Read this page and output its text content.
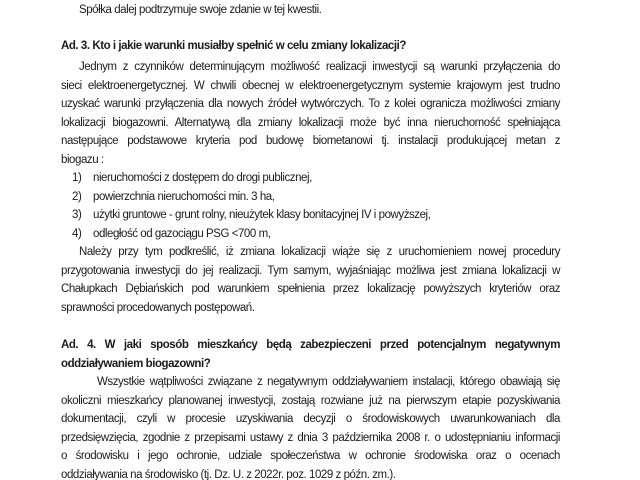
Spółka dalej podtrzymuje swoje zdanie w tej kwestii.
Ad. 3. Kto i jakie warunki musiałby spełnić w celu zmiany lokalizacji?
Jednym z czynników determinującym możliwość realizacji inwestycji są warunki przyłączenia do
sieci elektroenergetycznej. W chwili obecnej w elektroenergetycznym systemie krajowym jest trudno
uzyskać warunki przyłączenia dla nowych źródeł wytwórczych. To z kolei ogranicza możliwości zmiany
lokalizacji biogazowni. Alternatywą dla zmiany lokalizacji może być inna nieruchomość spełniająca
następujące podstawowe kryteria pod budowę biometanowi tj. instalacji produkującej metan z
biogazu :
1)	nieruchomości z dostępem do drogi publicznej,
2)	powierzchnia nieruchomości min. 3 ha,
3)	użytki gruntowe - grunt rolny, nieużytek klasy bonitacyjnej IV i powyższej,
4)	odległość od gazociągu PSG <700 m,
Należy przy tym podkreślić, iż zmiana lokalizacji wiąże się z uruchomieniem nowej procedury
przygotowania inwestycji do jej realizacji. Tym samym, wyjaśniając możliwa jest zmiana lokalizacji w
Chałupkach Dębiańskich pod warunkiem spełnienia przez lokalizację powyższych kryteriów oraz
sprawności procedowanych postępowań.
Ad. 4. W jaki sposób mieszkańcy będą zabezpieczeni przed potencjalnym negatywnym
oddziaływaniem biogazowni?
Wszystkie wątpliwości związane z negatywnym oddziaływaniem instalacji, którego obawiają się
okoliczni mieszkańcy planowanej inwestycji, zostają rozwiane już na pierwszym etapie pozyskiwania
dokumentacji, czyli w procesie uzyskiwania decyzji o środowiskowych uwarunkowaniach dla
przedsięwzięcia, zgodnie z przepisami ustawy z dnia 3 października 2008 r. o udostępnianiu informacji
o środowisku i jego ochronie, udziale społeczeństwa w ochronie środowiska oraz o ocenach
oddziaływania na środowisko (tj. Dz. U. z 2022r. poz. 1029 z późn. zm.).
